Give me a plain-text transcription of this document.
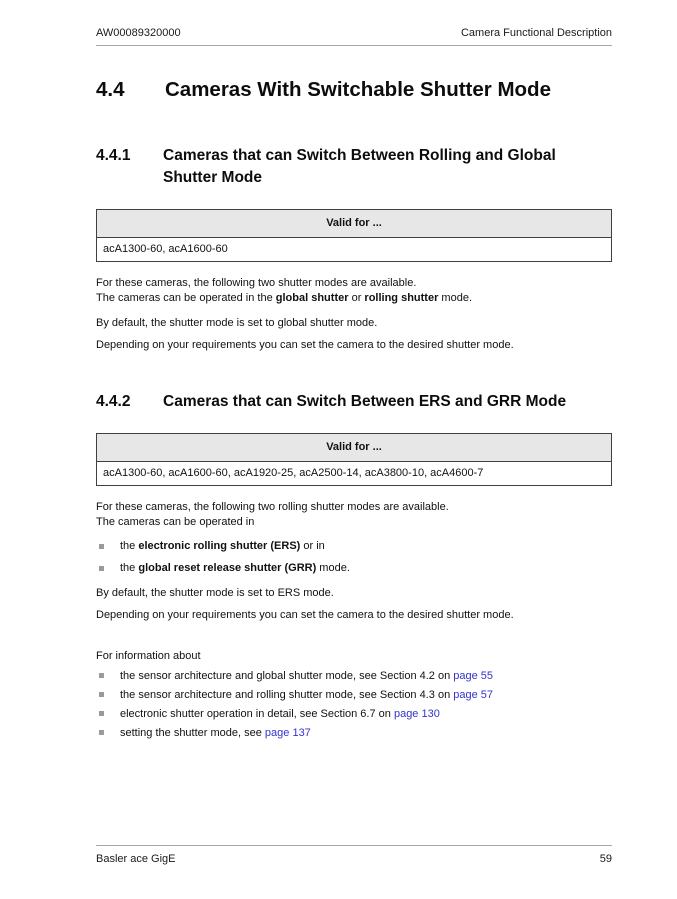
AW00089320000	Camera Functional Description
4.4	Cameras With Switchable Shutter Mode
4.4.1	Cameras that can Switch Between Rolling and Global Shutter Mode
Valid for ...
acA1300-60, acA1600-60

For these cameras, the following two shutter modes are available.
The cameras can be operated in the global shutter or rolling shutter mode.

By default, the shutter mode is set to global shutter mode.

Depending on your requirements you can set the camera to the desired shutter mode.

4.4.2	Cameras that can Switch Between ERS and GRR Mode
Valid for ...
acA1300-60, acA1600-60, acA1920-25, acA2500-14, acA3800-10, acA4600-7

For these cameras, the following two rolling shutter modes are available.
The cameras can be operated in

the electronic rolling shutter (ERS) or in
the global reset release shutter (GRR) mode.

By default, the shutter mode is set to ERS mode.

Depending on your requirements you can set the camera to the desired shutter mode.

For information about

the sensor architecture and global shutter mode, see Section 4.2 on page 55
the sensor architecture and rolling shutter mode, see Section 4.3 on page 57
electronic shutter operation in detail, see Section 6.7 on page 130
setting the shutter mode, see page 137
Basler ace GigE	59
